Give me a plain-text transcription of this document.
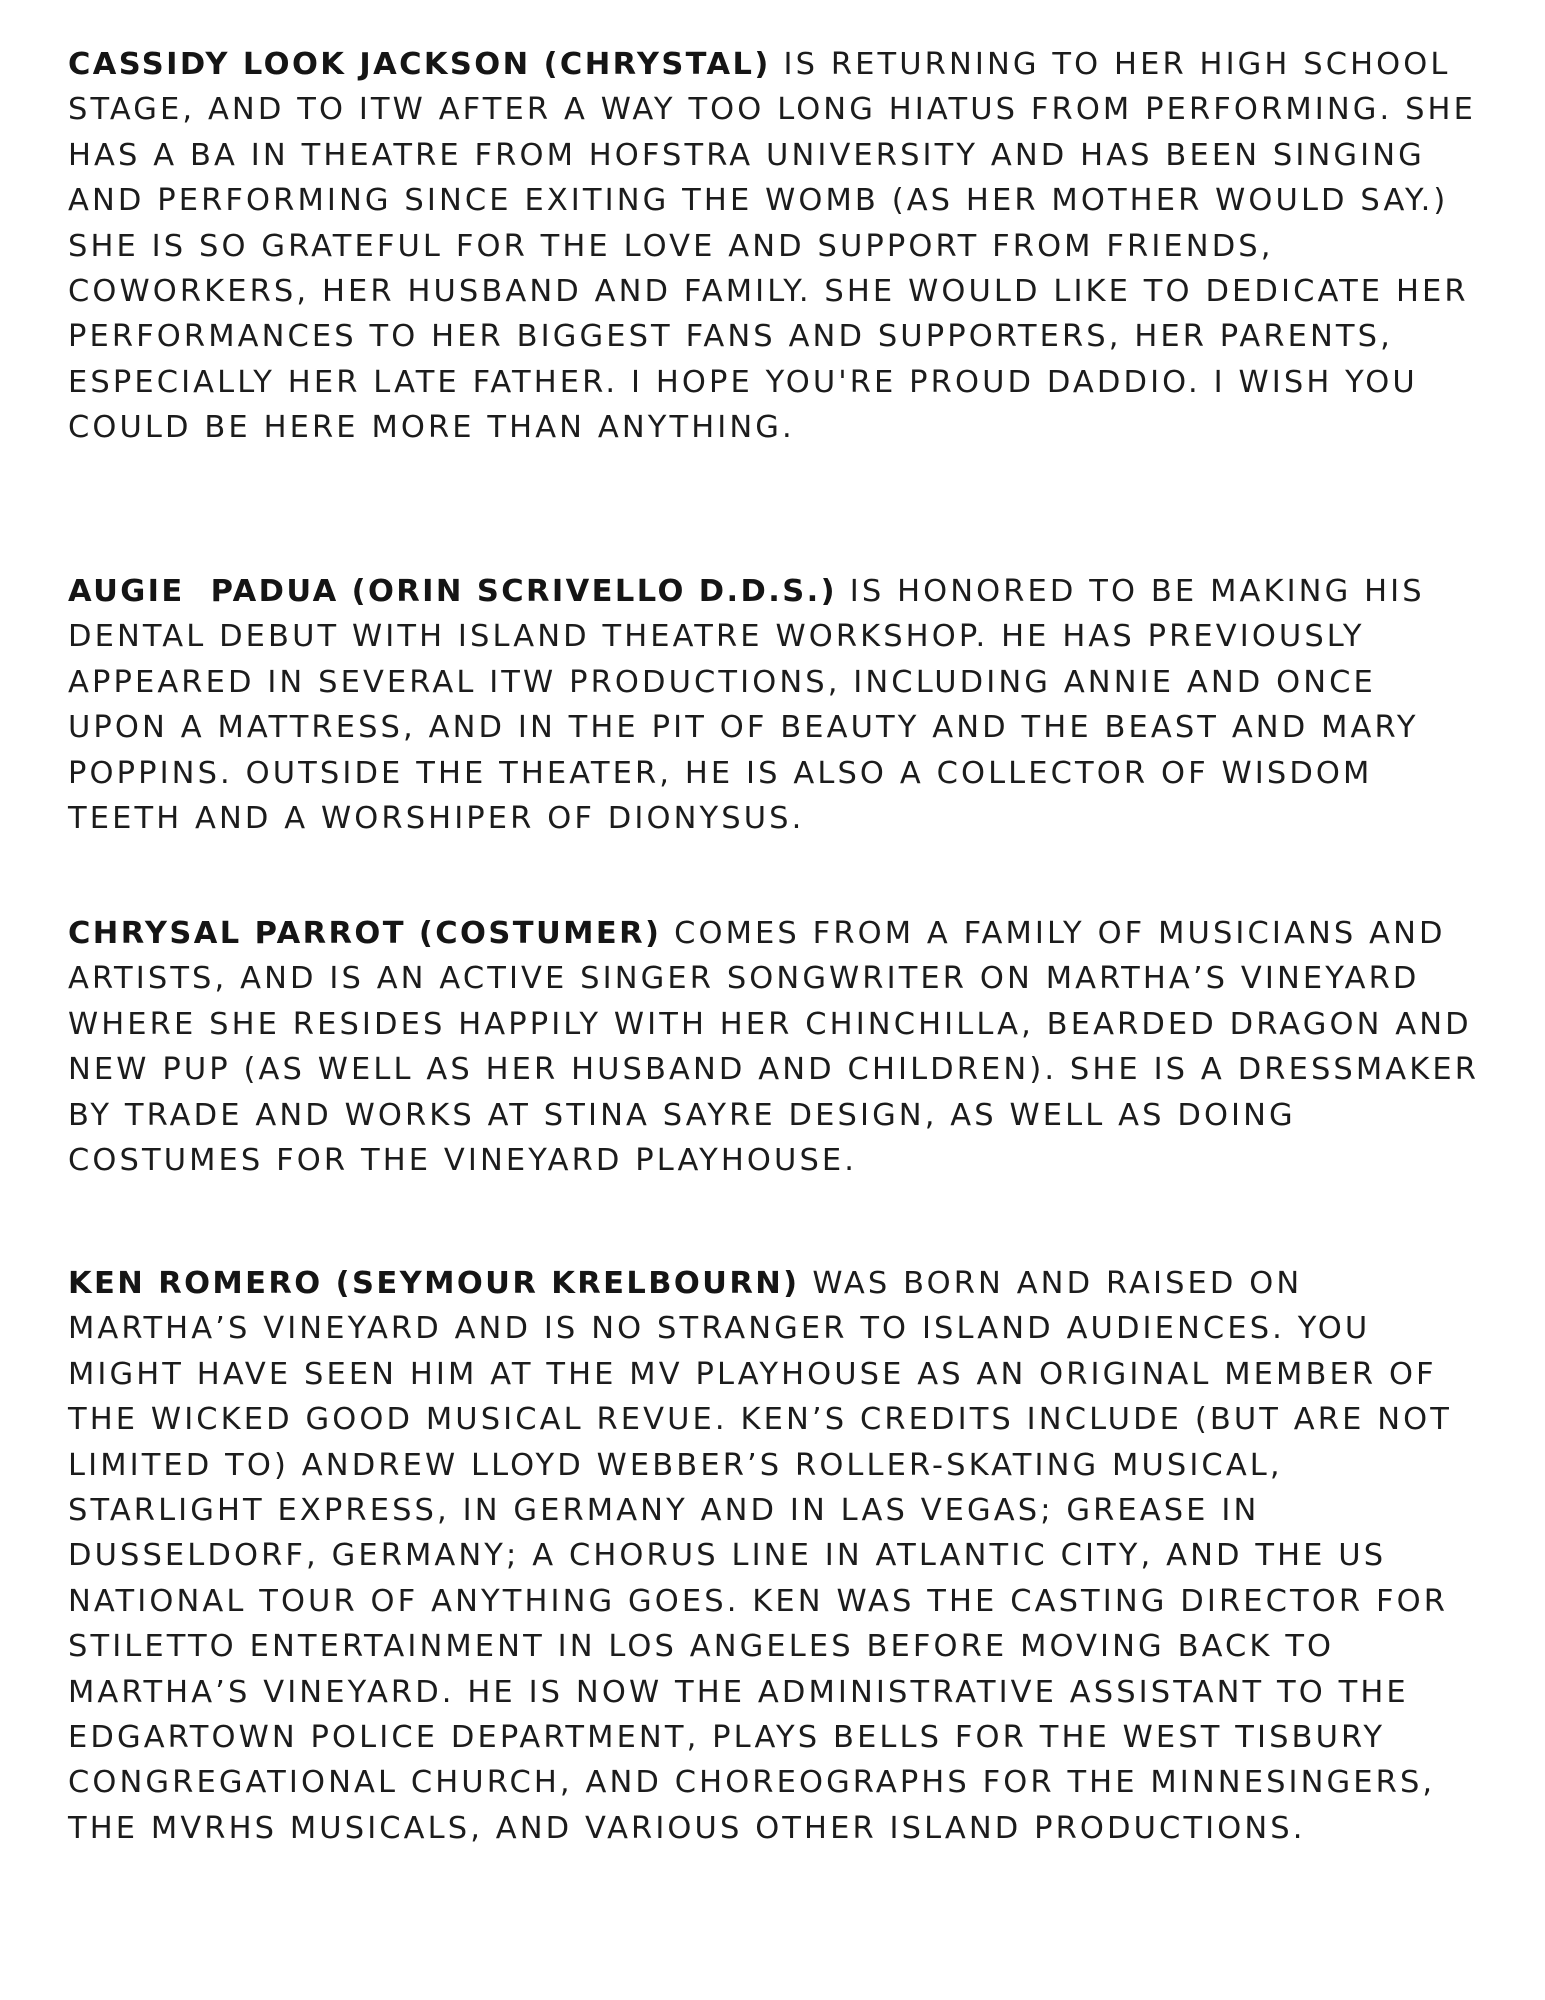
CASSIDY LOOK JACKSON (CHRYSTAL) IS RETURNING TO HER HIGH SCHOOL STAGE, AND TO ITW AFTER A WAY TOO LONG HIATUS FROM PERFORMING. SHE HAS A BA IN THEATRE FROM HOFSTRA UNIVERSITY AND HAS BEEN SINGING AND PERFORMING SINCE EXITING THE WOMB (AS HER MOTHER WOULD SAY.) SHE IS SO GRATEFUL FOR THE LOVE AND SUPPORT FROM FRIENDS, COWORKERS, HER HUSBAND AND FAMILY. SHE WOULD LIKE TO DEDICATE HER PERFORMANCES TO HER BIGGEST FANS AND SUPPORTERS, HER PARENTS, ESPECIALLY HER LATE FATHER. I HOPE YOU'RE PROUD DADDIO. I WISH YOU COULD BE HERE MORE THAN ANYTHING.

AUGIE  PADUA (ORIN SCRIVELLO D.D.S.) IS HONORED TO BE MAKING HIS DENTAL DEBUT WITH ISLAND THEATRE WORKSHOP. HE HAS PREVIOUSLY APPEARED IN SEVERAL ITW PRODUCTIONS, INCLUDING ANNIE AND ONCE UPON A MATTRESS, AND IN THE PIT OF BEAUTY AND THE BEAST AND MARY POPPINS. OUTSIDE THE THEATER, HE IS ALSO A COLLECTOR OF WISDOM TEETH AND A WORSHIPER OF DIONYSUS.

CHRYSAL PARROT (COSTUMER) COMES FROM A FAMILY OF MUSICIANS AND ARTISTS, AND IS AN ACTIVE SINGER SONGWRITER ON MARTHA’S VINEYARD WHERE SHE RESIDES HAPPILY WITH HER CHINCHILLA, BEARDED DRAGON AND NEW PUP (AS WELL AS HER HUSBAND AND CHILDREN). SHE IS A DRESSMAKER BY TRADE AND WORKS AT STINA SAYRE DESIGN, AS WELL AS DOING COSTUMES FOR THE VINEYARD PLAYHOUSE.

KEN ROMERO (SEYMOUR KRELBOURN) WAS BORN AND RAISED ON MARTHA’S VINEYARD AND IS NO STRANGER TO ISLAND AUDIENCES. YOU MIGHT HAVE SEEN HIM AT THE MV PLAYHOUSE AS AN ORIGINAL MEMBER OF THE WICKED GOOD MUSICAL REVUE. KEN’S CREDITS INCLUDE (BUT ARE NOT LIMITED TO) ANDREW LLOYD WEBBER’S ROLLER-SKATING MUSICAL, STARLIGHT EXPRESS, IN GERMANY AND IN LAS VEGAS; GREASE IN DUSSELDORF, GERMANY; A CHORUS LINE IN ATLANTIC CITY, AND THE US NATIONAL TOUR OF ANYTHING GOES. KEN WAS THE CASTING DIRECTOR FOR STILETTO ENTERTAINMENT IN LOS ANGELES BEFORE MOVING BACK TO MARTHA’S VINEYARD. HE IS NOW THE ADMINISTRATIVE ASSISTANT TO THE EDGARTOWN POLICE DEPARTMENT, PLAYS BELLS FOR THE WEST TISBURY CONGREGATIONAL CHURCH, AND CHOREOGRAPHS FOR THE MINNESINGERS, THE MVRHS MUSICALS, AND VARIOUS OTHER ISLAND PRODUCTIONS.
